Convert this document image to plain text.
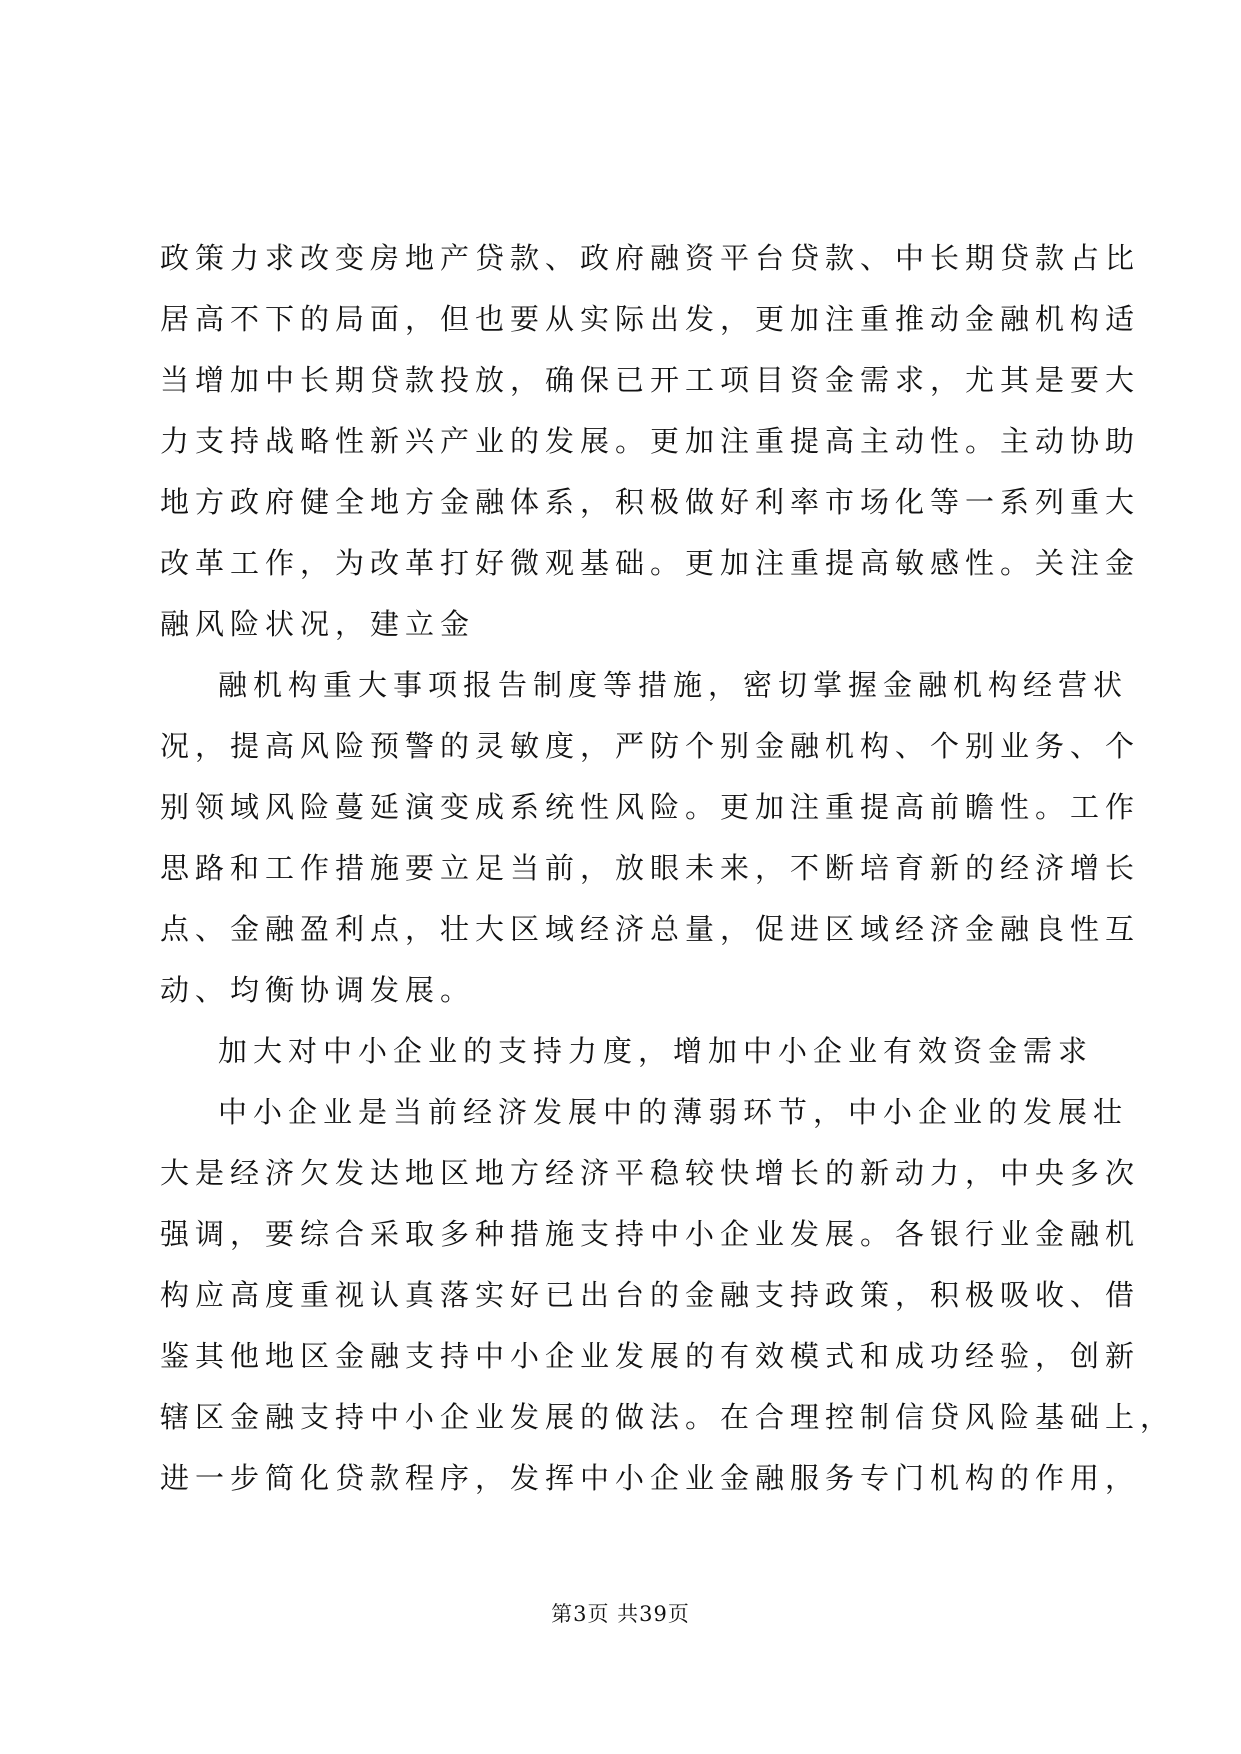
政策力求改变房地产贷款、政府融资平台贷款、中长期贷款占比
居高不下的局面，但也要从实际出发，更加注重推动金融机构适
当增加中长期贷款投放，确保已开工项目资金需求，尤其是要大
力支持战略性新兴产业的发展。更加注重提高主动性。主动协助
地方政府健全地方金融体系，积极做好利率市场化等一系列重大
改革工作，为改革打好微观基础。更加注重提高敏感性。关注金
融风险状况，建立金
融机构重大事项报告制度等措施，密切掌握金融机构经营状
况，提高风险预警的灵敏度，严防个别金融机构、个别业务、个
别领域风险蔓延演变成系统性风险。更加注重提高前瞻性。工作
思路和工作措施要立足当前，放眼未来，不断培育新的经济增长
点、金融盈利点，壮大区域经济总量，促进区域经济金融良性互
动、均衡协调发展。
加大对中小企业的支持力度，增加中小企业有效资金需求
中小企业是当前经济发展中的薄弱环节，中小企业的发展壮
大是经济欠发达地区地方经济平稳较快增长的新动力，中央多次
强调，要综合采取多种措施支持中小企业发展。各银行业金融机
构应高度重视认真落实好已出台的金融支持政策，积极吸收、借
鉴其他地区金融支持中小企业发展的有效模式和成功经验，创新
辖区金融支持中小企业发展的做法。在合理控制信贷风险基础上，
进一步简化贷款程序，发挥中小企业金融服务专门机构的作用，
第3页 共39页
